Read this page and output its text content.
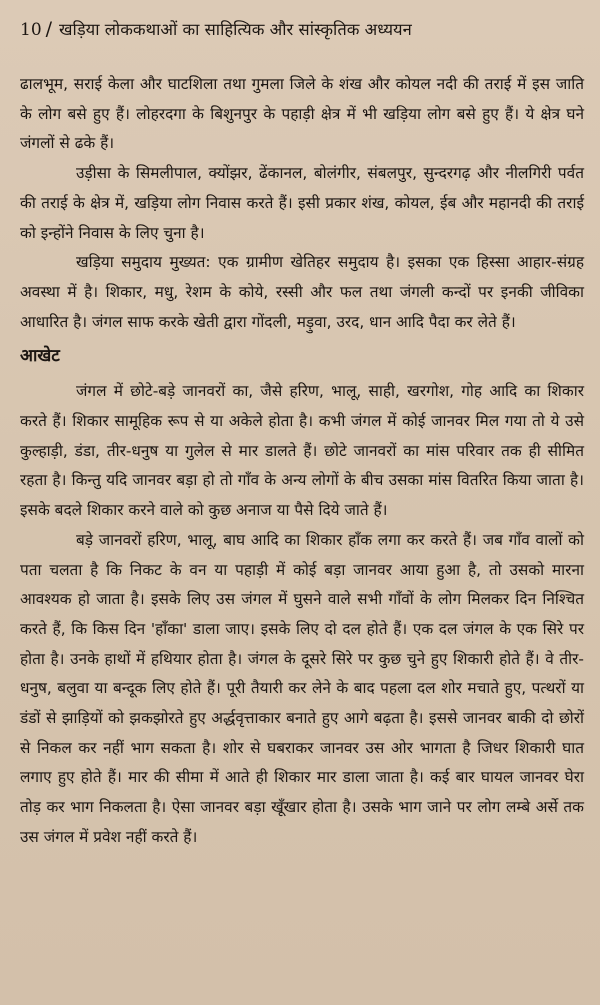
10 / खड़िया लोककथाओं का साहित्यिक और सांस्कृतिक अध्ययन

ढालभूम, सराई केला और घाटशिला तथा गुमला जिले के शंख और कोयल नदी की तराई में इस जाति के लोग बसे हुए हैं। लोहरदगा के बिशुनपुर के पहाड़ी क्षेत्र में भी खड़िया लोग बसे हुए हैं। ये क्षेत्र घने जंगलों से ढके हैं।

उड़ीसा के सिमलीपाल, क्योंझर, ढेंकानल, बोलंगीर, संबलपुर, सुन्दरगढ़ और नीलगिरी पर्वत की तराई के क्षेत्र में, खड़िया लोग निवास करते हैं। इसी प्रकार शंख, कोयल, ईब और महानदी की तराई को इन्होंने निवास के लिए चुना है।

खड़िया समुदाय मुख्यत: एक ग्रामीण खेतिहर समुदाय है। इसका एक हिस्सा आहार-संग्रह अवस्था में है। शिकार, मधु, रेशम के कोये, रस्सी और फल तथा जंगली कन्दों पर इनकी जीविका आधारित है। जंगल साफ करके खेती द्वारा गोंदली, मड़ुवा, उरद, धान आदि पैदा कर लेते हैं।

आखेट

जंगल में छोटे-बड़े जानवरों का, जैसे हरिण, भालू, साही, खरगोश, गोह आदि का शिकार करते हैं। शिकार सामूहिक रूप से या अकेले होता है। कभी जंगल में कोई जानवर मिल गया तो ये उसे कुल्हाड़ी, डंडा, तीर-धनुष या गुलेल से मार डालते हैं। छोटे जानवरों का मांस परिवार तक ही सीमित रहता है। किन्तु यदि जानवर बड़ा हो तो गाँव के अन्य लोगों के बीच उसका मांस वितरित किया जाता है। इसके बदले शिकार करने वाले को कुछ अनाज या पैसे दिये जाते हैं।

बड़े जानवरों हरिण, भालू, बाघ आदि का शिकार हाँक लगा कर करते हैं। जब गाँव वालों को पता चलता है कि निकट के वन या पहाड़ी में कोई बड़ा जानवर आया हुआ है, तो उसको मारना आवश्यक हो जाता है। इसके लिए उस जंगल में घुसने वाले सभी गाँवों के लोग मिलकर दिन निश्चित करते हैं, कि किस दिन 'हाँका' डाला जाए। इसके लिए दो दल होते हैं। एक दल जंगल के एक सिरे पर होता है। उनके हाथों में हथियार होता है। जंगल के दूसरे सिरे पर कुछ चुने हुए शिकारी होते हैं। वे तीर-धनुष, बलुवा या बन्दूक लिए होते हैं। पूरी तैयारी कर लेने के बाद पहला दल शोर मचाते हुए, पत्थरों या डंडों से झाड़ियों को झकझोरते हुए अर्द्धवृत्ताकार बनाते हुए आगे बढ़ता है। इससे जानवर बाकी दो छोरों से निकल कर नहीं भाग सकता है। शोर से घबराकर जानवर उस ओर भागता है जिधर शिकारी घात लगाए हुए होते हैं। मार की सीमा में आते ही शिकार मार डाला जाता है। कई बार घायल जानवर घेरा तोड़ कर भाग निकलता है। ऐसा जानवर बड़ा खूँखार होता है। उसके भाग जाने पर लोग लम्बे अर्से तक उस जंगल में प्रवेश नहीं करते हैं।
